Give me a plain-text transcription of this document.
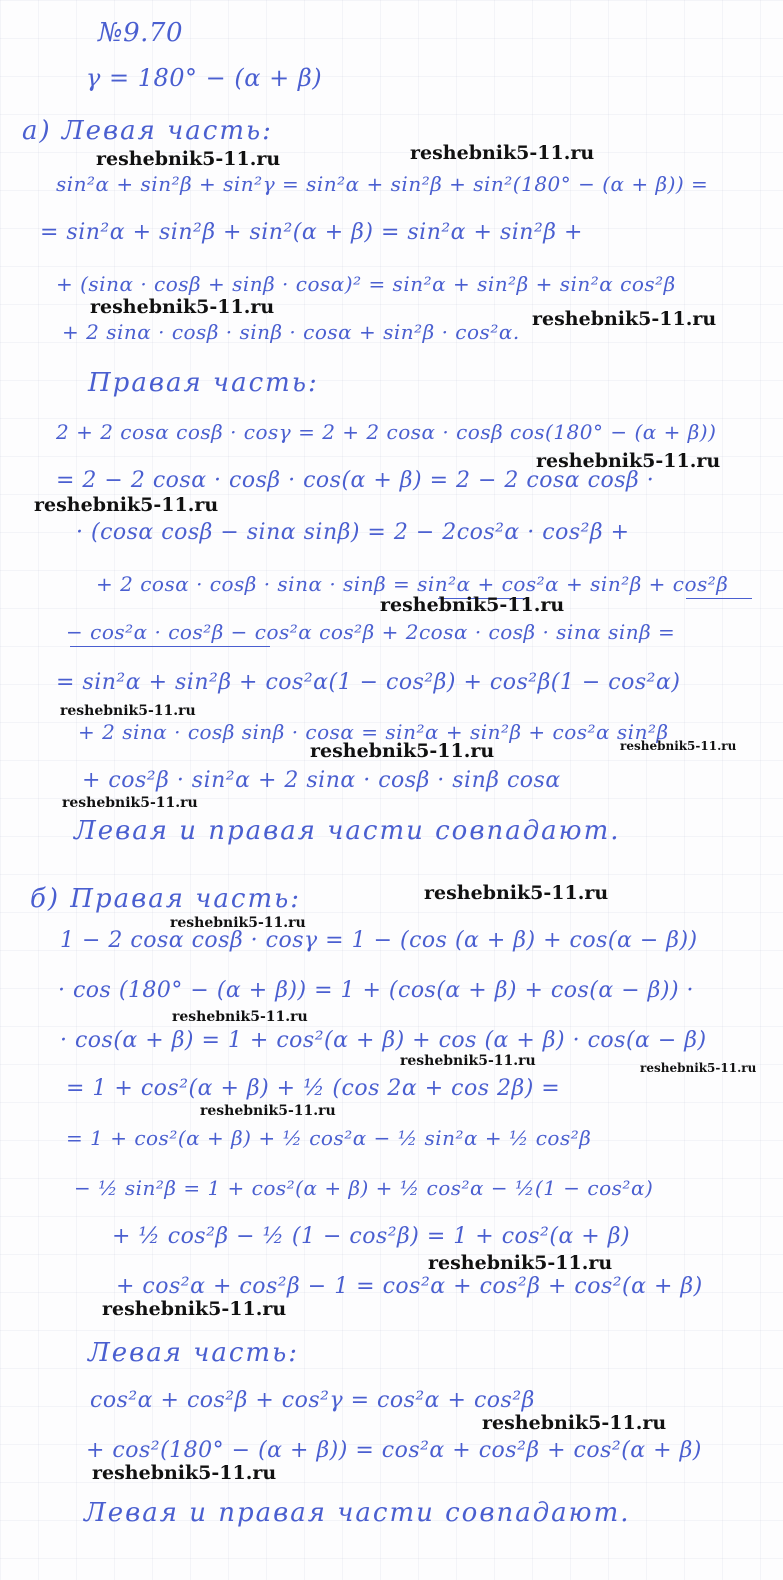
№9.70
γ = 180° − (α + β)
а) Левая часть:
sin²α + sin²β + sin²γ = sin²α + sin²β + sin²(180° − (α + β)) =
= sin²α + sin²β + sin²(α + β) = sin²α + sin²β +
+ (sinα · cosβ + sinβ · cosα)² = sin²α + sin²β + sin²α cos²β
+ 2 sinα · cosβ · sinβ · cosα + sin²β · cos²α.
Правая часть:
2 + 2 cosα cosβ · cosγ = 2 + 2 cosα · cosβ cos(180° − (α + β))
= 2 − 2 cosα · cosβ · cos(α + β) = 2 − 2 cosα cosβ ·
· (cosα cosβ − sinα sinβ) = 2 − 2cos²α · cos²β +
+ 2 cosα · cosβ · sinα · sinβ = sin²α + cos²α + sin²β + cos²β
− cos²α · cos²β − cos²α cos²β + 2cosα · cosβ · sinα sinβ =
= sin²α + sin²β + cos²α(1 − cos²β) + cos²β(1 − cos²α)
+ 2 sinα · cosβ sinβ · cosα = sin²α + sin²β + cos²α sin²β
+ cos²β · sin²α + 2 sinα · cosβ · sinβ cosα
Левая и правая части совпадают.
б) Правая часть:
1 − 2 cosα cosβ · cosγ = 1 − (cos (α + β) + cos(α − β))
· cos (180° − (α + β)) = 1 + (cos(α + β) + cos(α − β)) ·
· cos(α + β) = 1 + cos²(α + β) + cos (α + β) · cos(α − β)
= 1 + cos²(α + β) + ½ (cos 2α + cos 2β) =
= 1 + cos²(α + β) + ½ cos²α − ½ sin²α + ½ cos²β
− ½ sin²β = 1 + cos²(α + β) + ½ cos²α − ½(1 − cos²α)
+ ½ cos²β − ½ (1 − cos²β) = 1 + cos²(α + β)
+ cos²α + cos²β − 1 = cos²α + cos²β + cos²(α + β)
Левая часть:
cos²α + cos²β + cos²γ = cos²α + cos²β
+ cos²(180° − (α + β)) = cos²α + cos²β + cos²(α + β)
Левая и правая части совпадают.
reshebnik5-11.ru	reshebnik5-11.ru
reshebnik5-11.ru
reshebnik5-11.ru
reshebnik5-11.ru
reshebnik5-11.ru
reshebnik5-11.ru
reshebnik5-11.ru
reshebnik5-11.ru
reshebnik5-11.ru
reshebnik5-11.ru
reshebnik5-11.ru
reshebnik5-11.ru
reshebnik5-11.ru
reshebnik5-11.ru	reshebnik5-11.ru
reshebnik5-11.ru
reshebnik5-11.ru
reshebnik5-11.ru
reshebnik5-11.ru
reshebnik5-11.ru
